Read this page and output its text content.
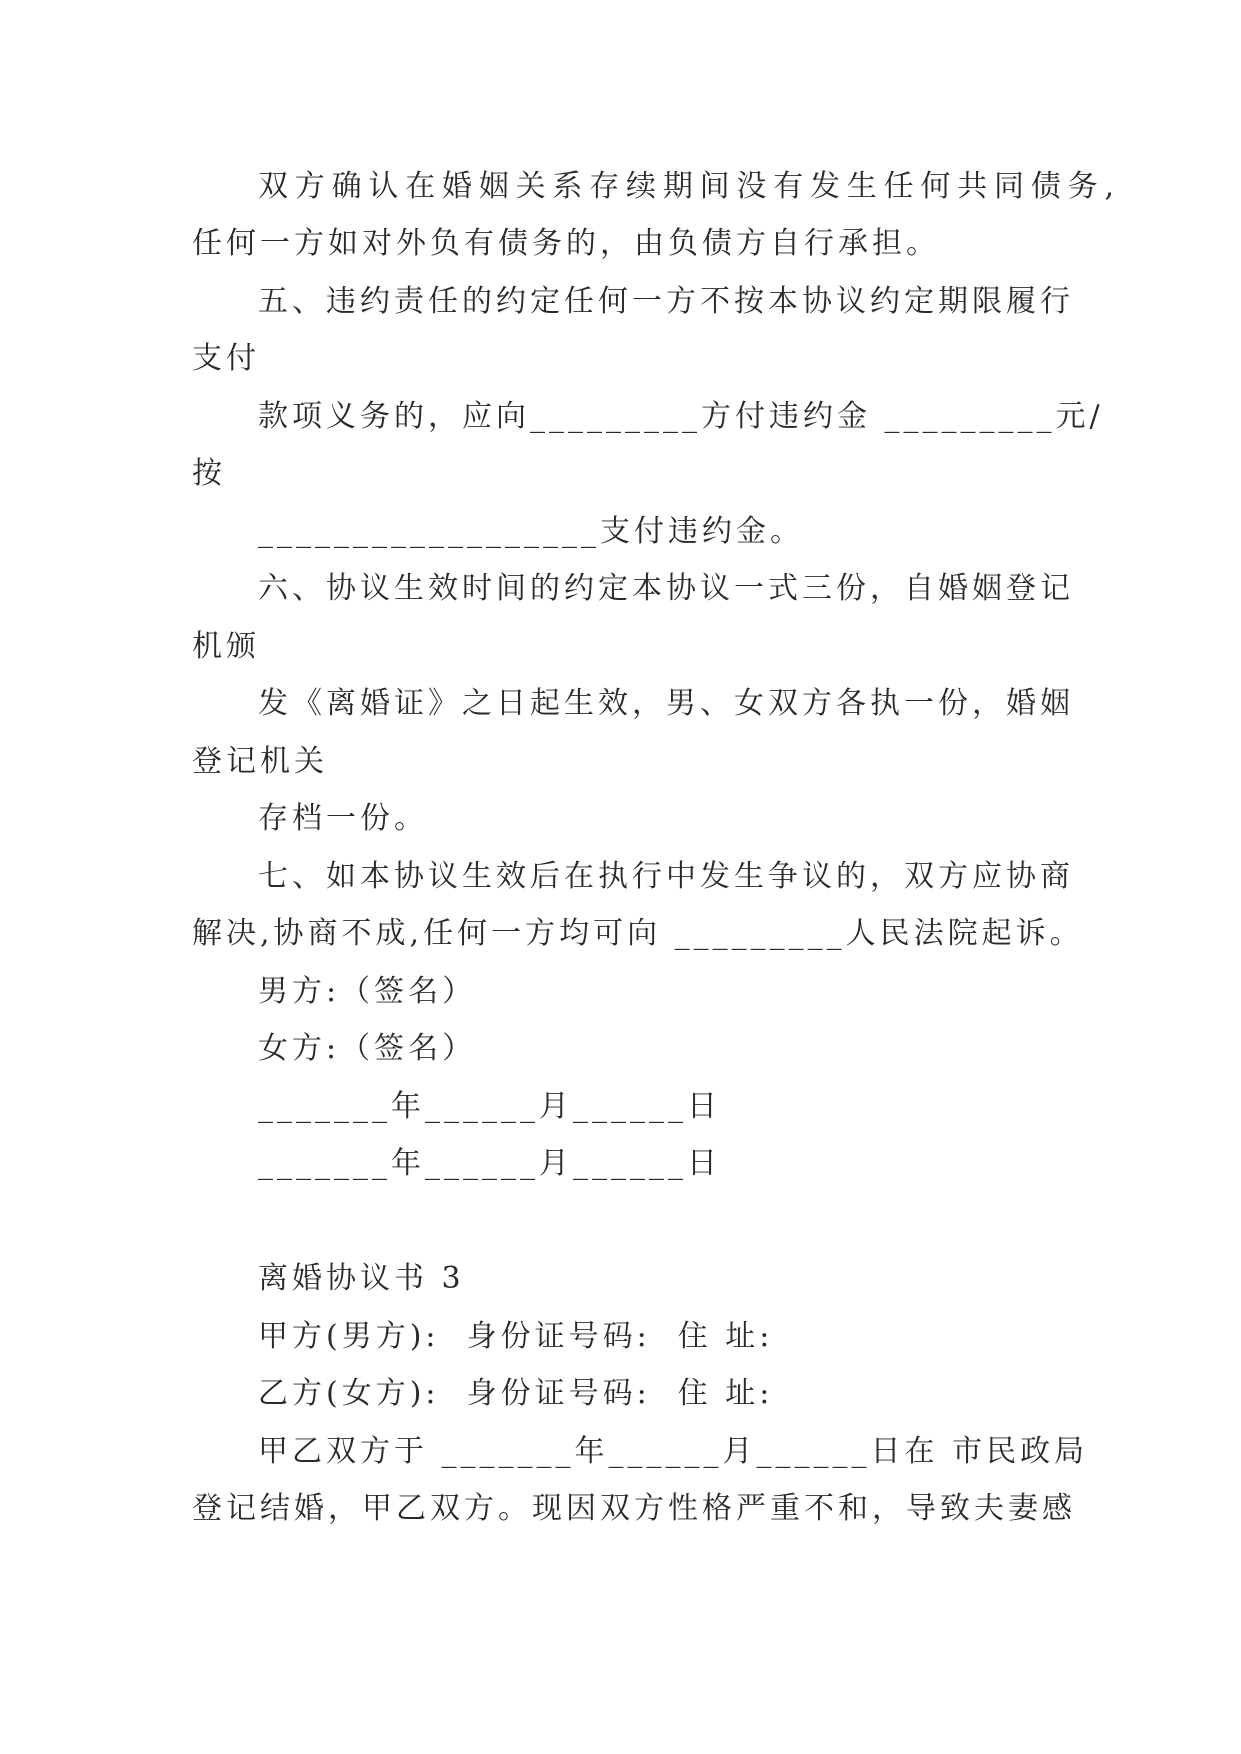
双方确认在婚姻关系存续期间没有发生任何共同债务,
任何一方如对外负有债务的，由负债方自行承担。
五、违约责任的约定任何一方不按本协议约定期限履行
支付
款项义务的，应向_________方付违约金 _________元/
按
__________________支付违约金。
六、协议生效时间的约定本协议一式三份，自婚姻登记
机颁
发《离婚证》之日起生效，男、女双方各执一份，婚姻
登记机关
存档一份。
七、如本协议生效后在执行中发生争议的，双方应协商
解决,协商不成,任何一方均可向 _________人民法院起诉。
男方:（签名）
女方:（签名）
_______年______月______日
_______年______月______日
离婚协议书 3
甲方(男方):  身份证号码:  住 址:
乙方(女方):  身份证号码:  住 址:
甲乙双方于 _______年______月______日在 市民政局
登记结婚，甲乙双方。现因双方性格严重不和，导致夫妻感
